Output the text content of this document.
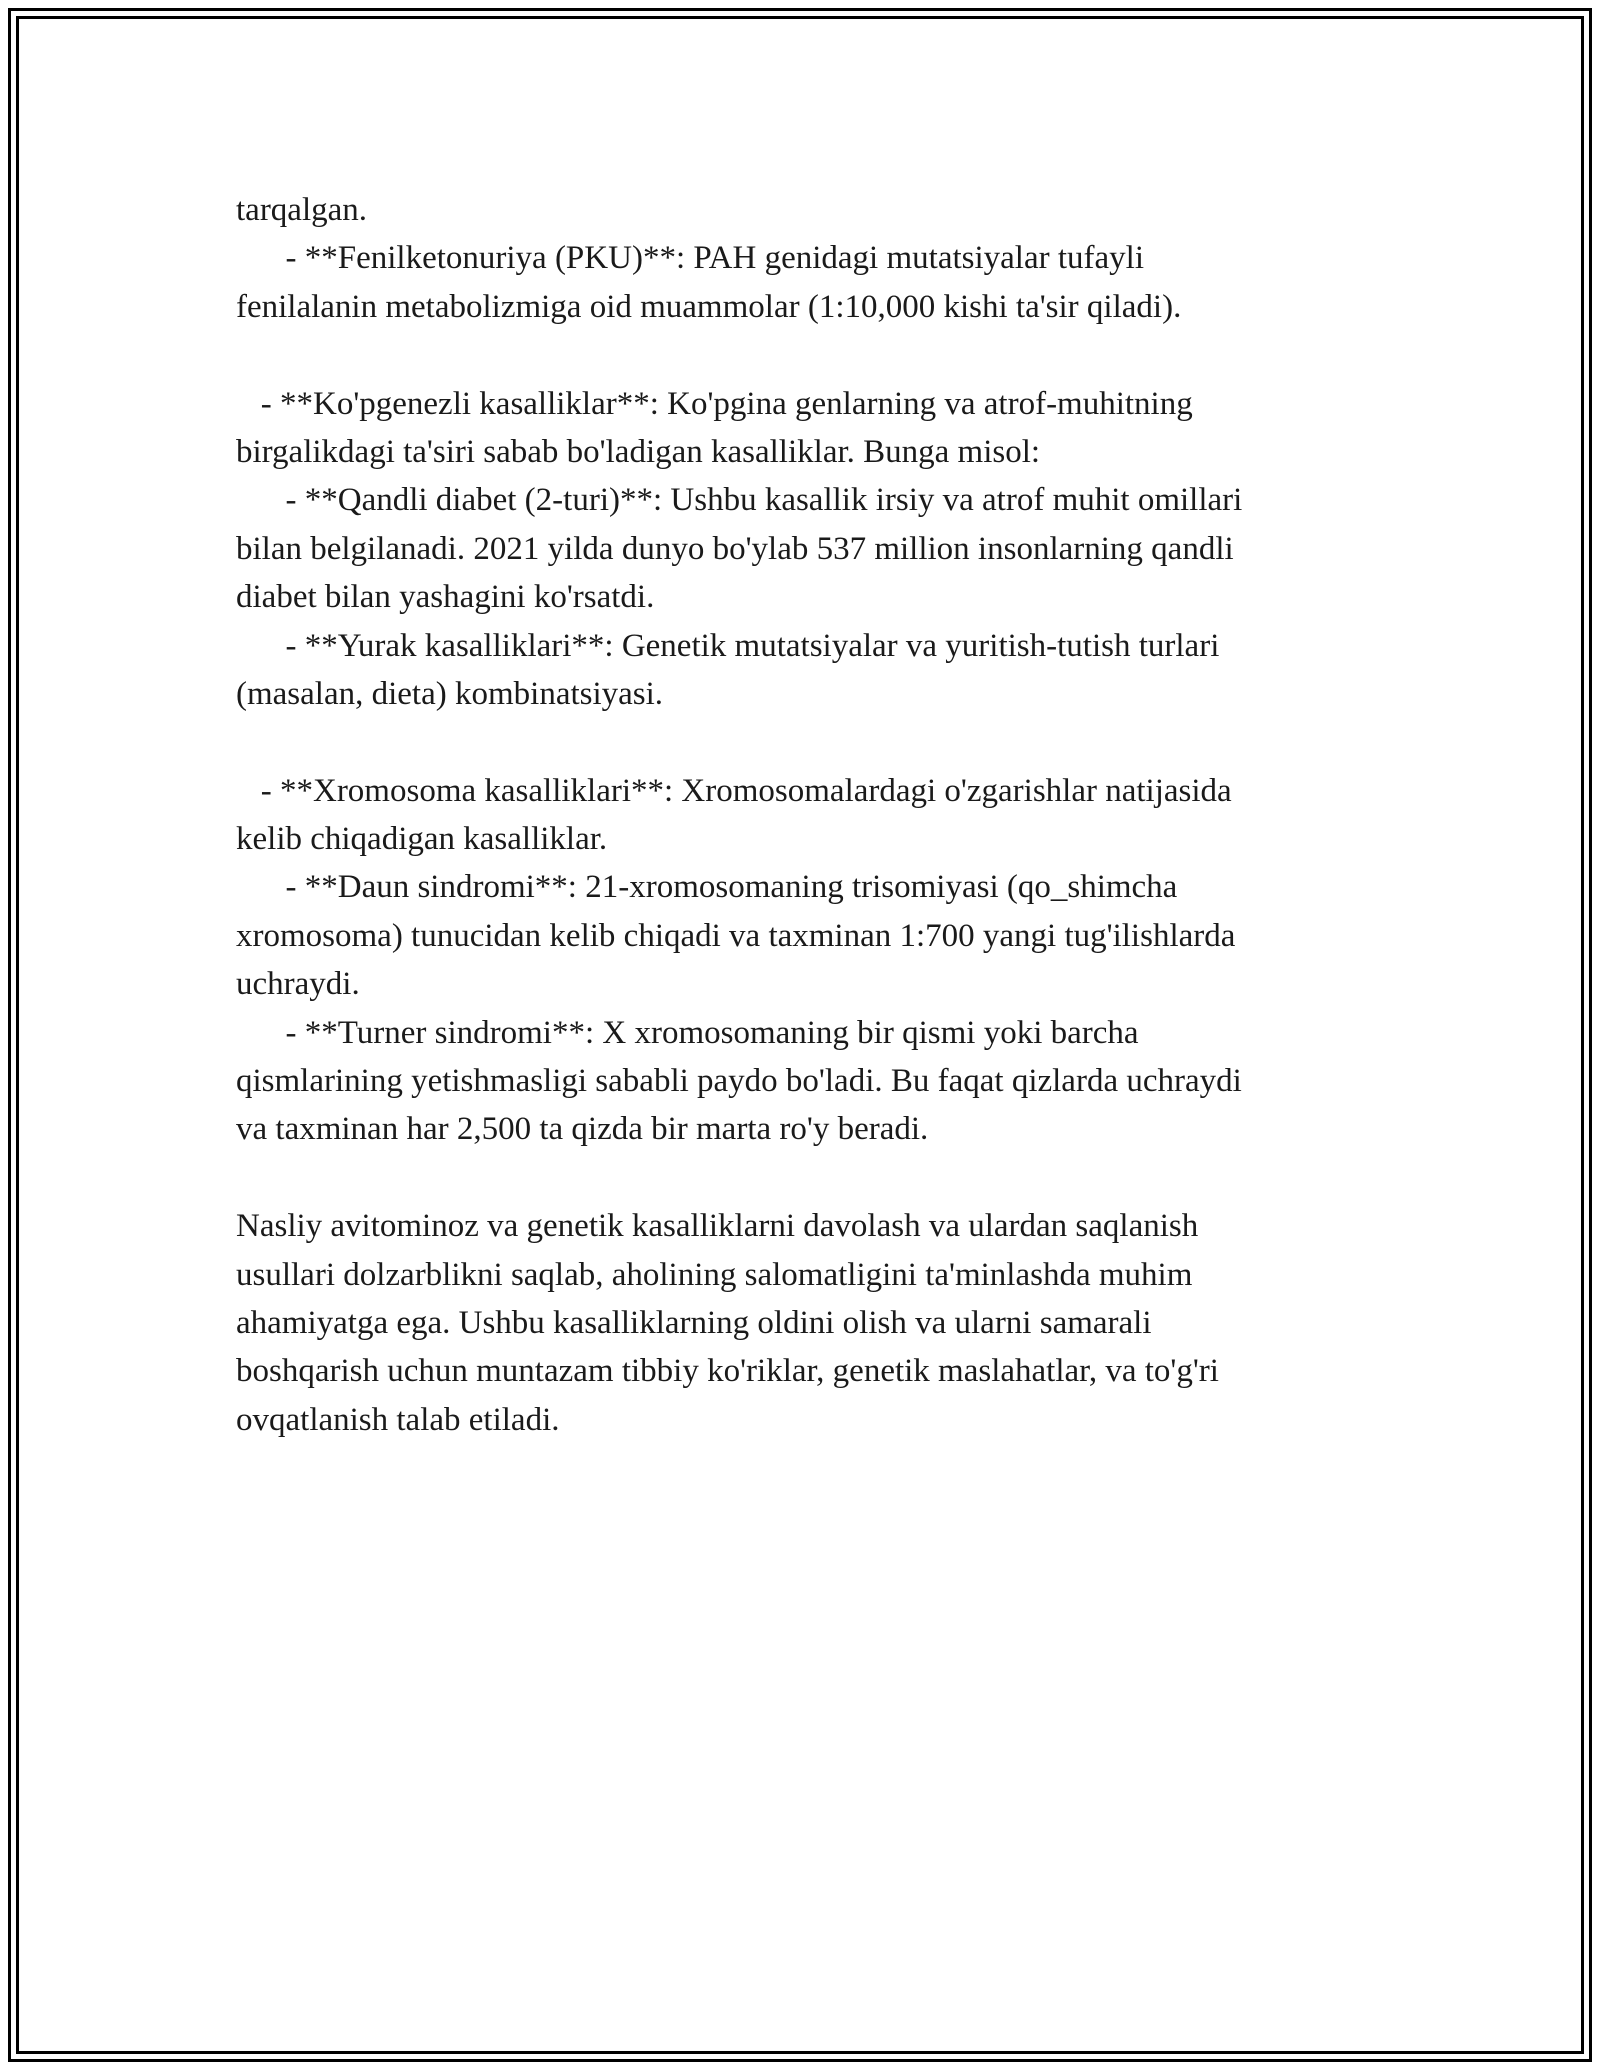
tarqalgan.
- **Fenilketonuriya (PKU)**: PAH genidagi mutatsiyalar tufayli
fenilalanin metabolizmiga oid muammolar (1:10,000 kishi ta'sir qiladi).
- **Ko'pgenezli kasalliklar**: Ko'pgina genlarning va atrof-muhitning
birgalikdagi ta'siri sabab bo'ladigan kasalliklar. Bunga misol:
- **Qandli diabet (2-turi)**: Ushbu kasallik irsiy va atrof muhit omillari
bilan belgilanadi. 2021 yilda dunyo bo'ylab 537 million insonlarning qandli
diabet bilan yashagini ko'rsatdi.
- **Yurak kasalliklari**: Genetik mutatsiyalar va yuritish-tutish turlari
(masalan, dieta) kombinatsiyasi.
- **Xromosoma kasalliklari**: Xromosomalardagi o'zgarishlar natijasida
kelib chiqadigan kasalliklar.
- **Daun sindromi**: 21-xromosomaning trisomiyasi (qo_shimcha
xromosoma) tunucidan kelib chiqadi va taxminan 1:700 yangi tug'ilishlarda
uchraydi.
- **Turner sindromi**: X xromosomaning bir qismi yoki barcha
qismlarining yetishmasligi sababli paydo bo'ladi. Bu faqat qizlarda uchraydi
va taxminan har 2,500 ta qizda bir marta ro'y beradi.
Nasliy avitominoz va genetik kasalliklarni davolash va ulardan saqlanish
usullari dolzarblikni saqlab, aholining salomatligini ta'minlashda muhim
ahamiyatga ega. Ushbu kasalliklarning oldini olish va ularni samarali
boshqarish uchun muntazam tibbiy ko'riklar, genetik maslahatlar, va to'g'ri
ovqatlanish talab etiladi.
